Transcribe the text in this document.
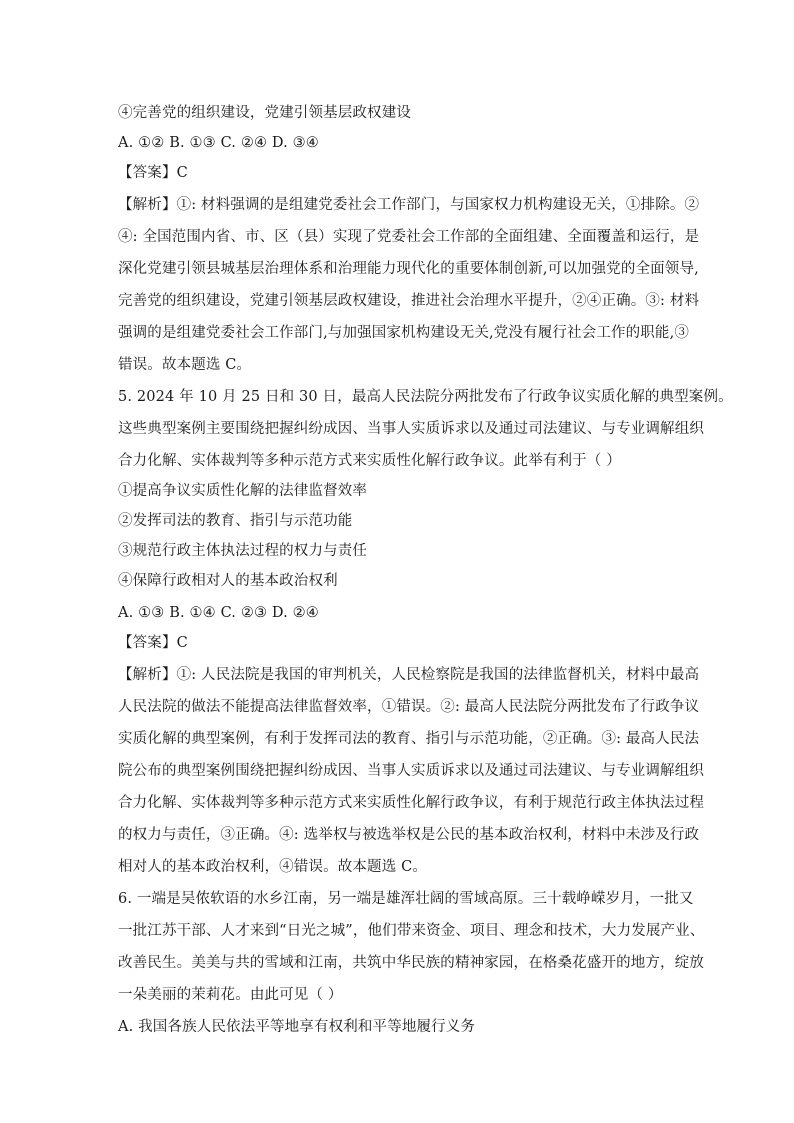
④完善党的组织建设，党建引领基层政权建设
A. ①② B. ①③ C. ②④ D. ③④
【答案】C
【解析】①: 材料强调的是组建党委社会工作部门，与国家权力机构建设无关，①排除。②
④: 全国范围内省、市、区（县）实现了党委社会工作部的全面组建、全面覆盖和运行，是
深化党建引领县城基层治理体系和治理能力现代化的重要体制创新,可以加强党的全面领导,
完善党的组织建设，党建引领基层政权建设，推进社会治理水平提升，②④正确。③: 材料
强调的是组建党委社会工作部门,与加强国家机构建设无关,党没有履行社会工作的职能,③
错误。故本题选 C。
5. 2024 年 10 月 25 日和 30 日，最高人民法院分两批发布了行政争议实质化解的典型案例。
这些典型案例主要围绕把握纠纷成因、当事人实质诉求以及通过司法建议、与专业调解组织
合力化解、实体裁判等多种示范方式来实质性化解行政争议。此举有利于（ ）
①提高争议实质性化解的法律监督效率
②发挥司法的教育、指引与示范功能
③规范行政主体执法过程的权力与责任
④保障行政相对人的基本政治权利
A. ①③ B. ①④ C. ②③ D. ②④
【答案】C
【解析】①: 人民法院是我国的审判机关，人民检察院是我国的法律监督机关，材料中最高
人民法院的做法不能提高法律监督效率，①错误。②: 最高人民法院分两批发布了行政争议
实质化解的典型案例，有利于发挥司法的教育、指引与示范功能，②正确。③: 最高人民法
院公布的典型案例围绕把握纠纷成因、当事人实质诉求以及通过司法建议、与专业调解组织
合力化解、实体裁判等多种示范方式来实质性化解行政争议，有利于规范行政主体执法过程
的权力与责任，③正确。④: 选举权与被选举权是公民的基本政治权利，材料中未涉及行政
相对人的基本政治权利，④错误。故本题选 C。
6. 一端是吴侬软语的水乡江南，另一端是雄浑壮阔的雪域高原。三十载峥嵘岁月，一批又
一批江苏干部、人才来到“日光之城”，他们带来资金、项目、理念和技术，大力发展产业、
改善民生。美美与共的雪域和江南，共筑中华民族的精神家园，在格桑花盛开的地方，绽放
一朵美丽的茉莉花。由此可见（ ）
A. 我国各族人民依法平等地享有权利和平等地履行义务
